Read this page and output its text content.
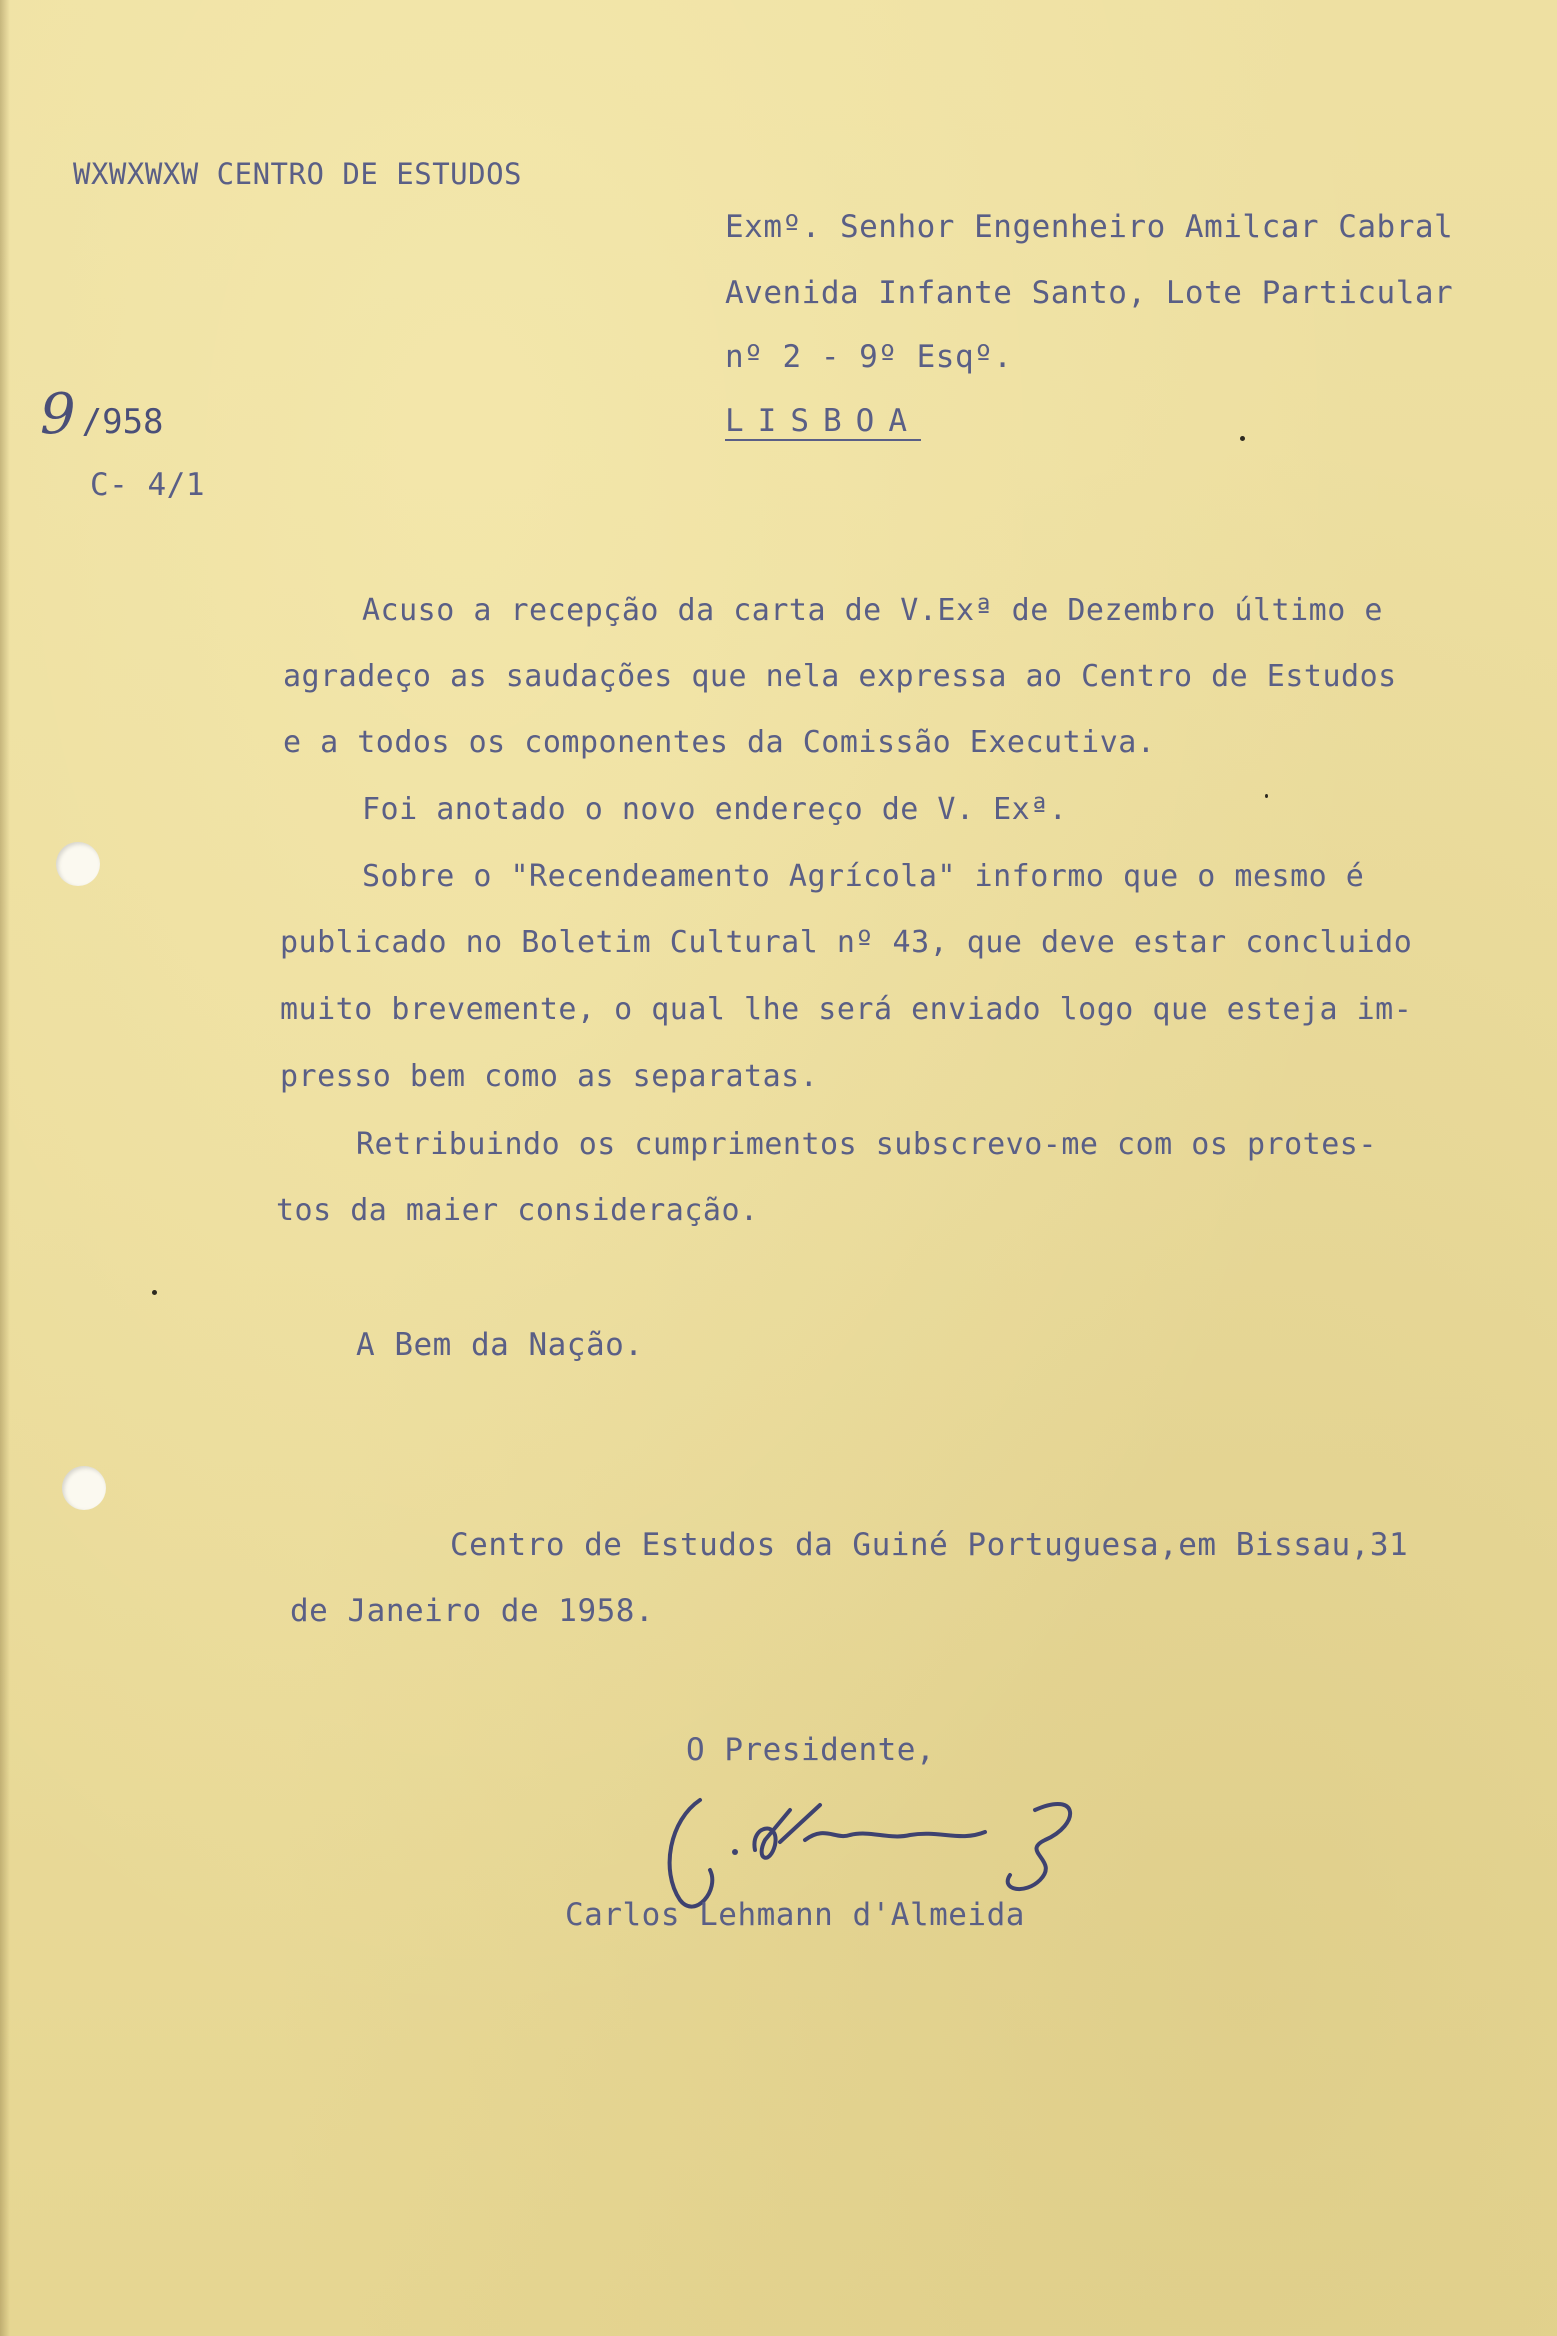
WXWXWXW CENTRO DE ESTUDOS
Exmº. Senhor Engenheiro Amilcar Cabral
Avenida Infante Santo, Lote Particular
nº 2 - 9º Esqº.
LISBOA
9 /958
C- 4/1
Acuso a recepção da carta de V.Exª de Dezembro último e
agradeço as saudações que nela expressa ao Centro de Estudos
e a todos os componentes da Comissão Executiva.
Foi anotado o novo endereço de V. Exª.
Sobre o "Recendeamento Agrícola" informo que o mesmo é
publicado no Boletim Cultural nº 43, que deve estar concluido
muito brevemente, o qual lhe será enviado logo que esteja im-
presso bem como as separatas.
Retribuindo os cumprimentos subscrevo-me com os protes-
tos da maier consideração.
A Bem da Nação.
Centro de Estudos da Guiné Portuguesa,em Bissau,31
de Janeiro de 1958.
O Presidente,
Carlos Lehmann d'Almeida
